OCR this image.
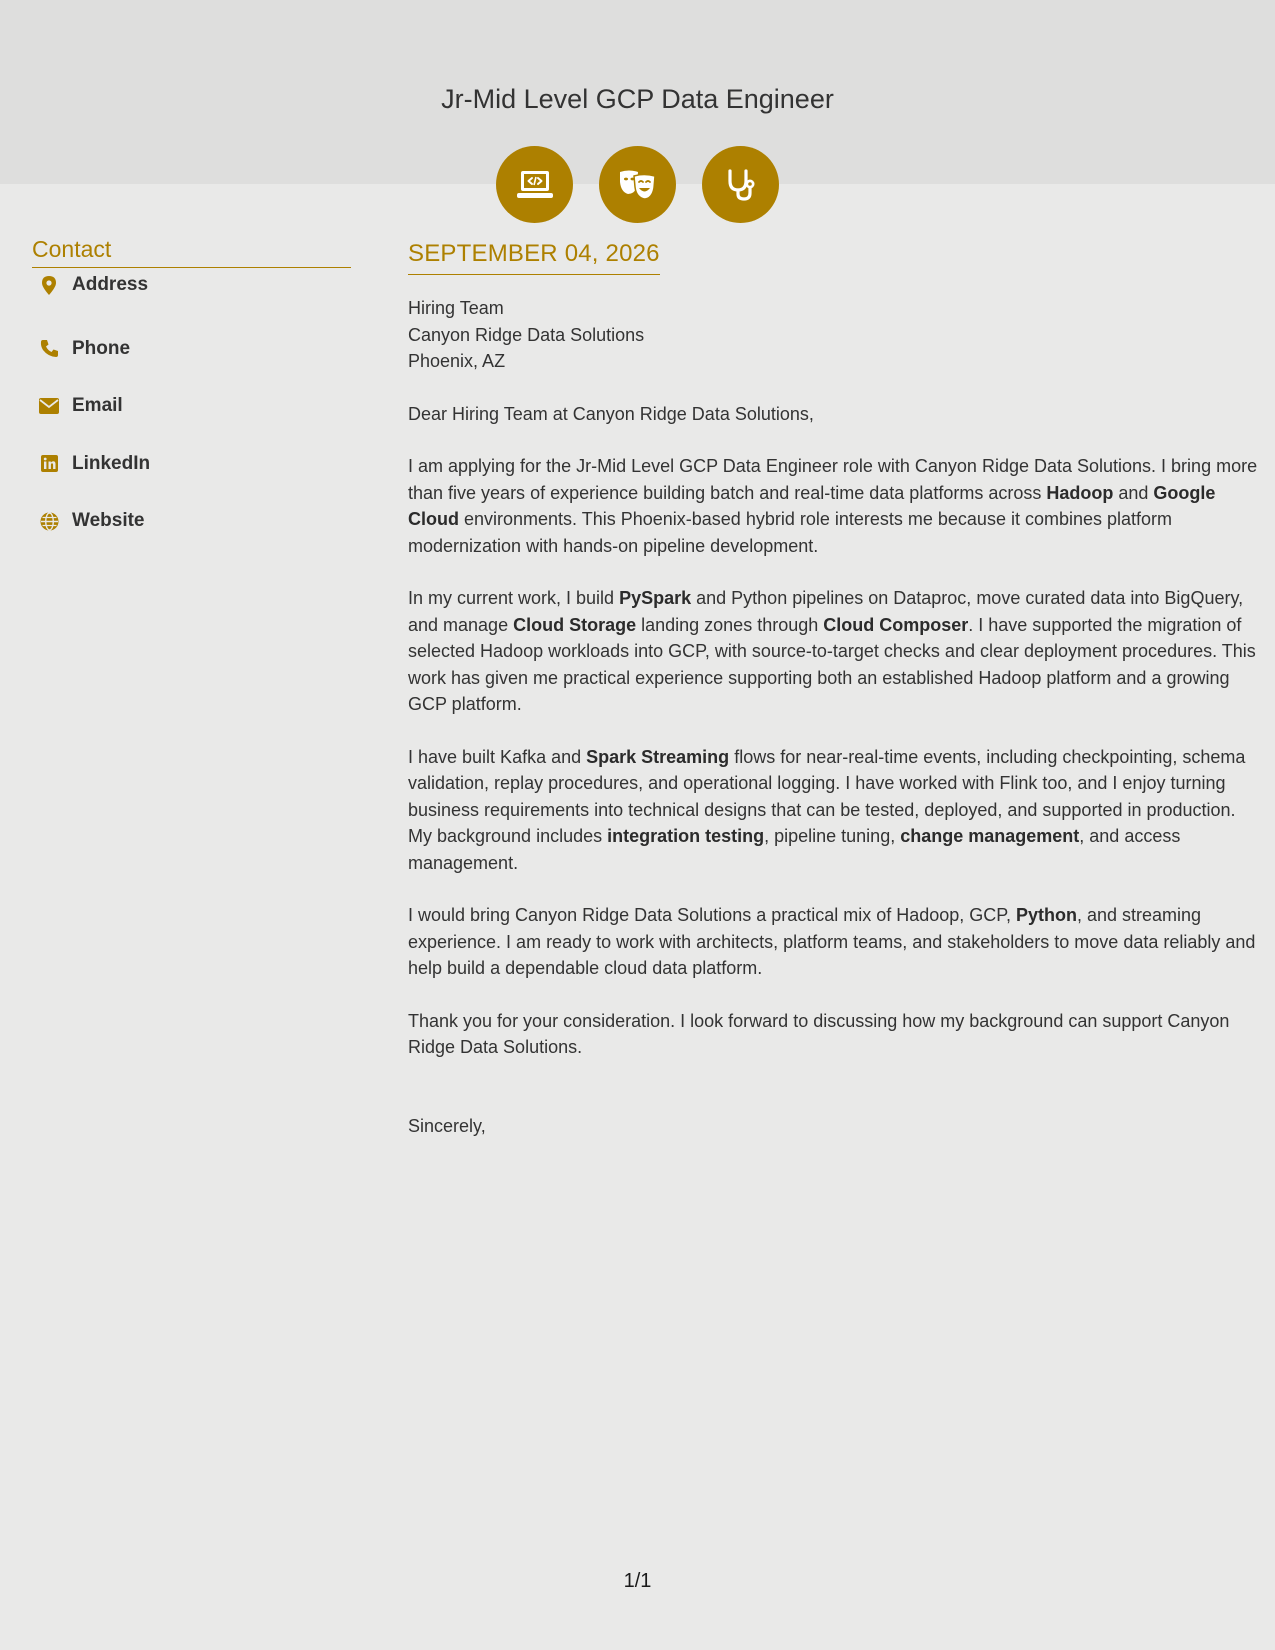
Jr-Mid Level GCP Data Engineer
Contact
Address
Phone
Email
LinkedIn
Website
SEPTEMBER 04, 2026
Hiring Team
Canyon Ridge Data Solutions
Phoenix, AZ
Dear Hiring Team at Canyon Ridge Data Solutions,
I am applying for the Jr-Mid Level GCP Data Engineer role with Canyon Ridge Data Solutions. I bring more than five years of experience building batch and real-time data platforms across Hadoop and Google Cloud environments. This Phoenix-based hybrid role interests me because it combines platform modernization with hands-on pipeline development.
In my current work, I build PySpark and Python pipelines on Dataproc, move curated data into BigQuery, and manage Cloud Storage landing zones through Cloud Composer. I have supported the migration of selected Hadoop workloads into GCP, with source-to-target checks and clear deployment procedures. This work has given me practical experience supporting both an established Hadoop platform and a growing GCP platform.
I have built Kafka and Spark Streaming flows for near-real-time events, including checkpointing, schema validation, replay procedures, and operational logging. I have worked with Flink too, and I enjoy turning business requirements into technical designs that can be tested, deployed, and supported in production. My background includes integration testing, pipeline tuning, change management, and access management.
I would bring Canyon Ridge Data Solutions a practical mix of Hadoop, GCP, Python, and streaming experience. I am ready to work with architects, platform teams, and stakeholders to move data reliably and help build a dependable cloud data platform.
Thank you for your consideration. I look forward to discussing how my background can support Canyon Ridge Data Solutions.
Sincerely,
1/1
